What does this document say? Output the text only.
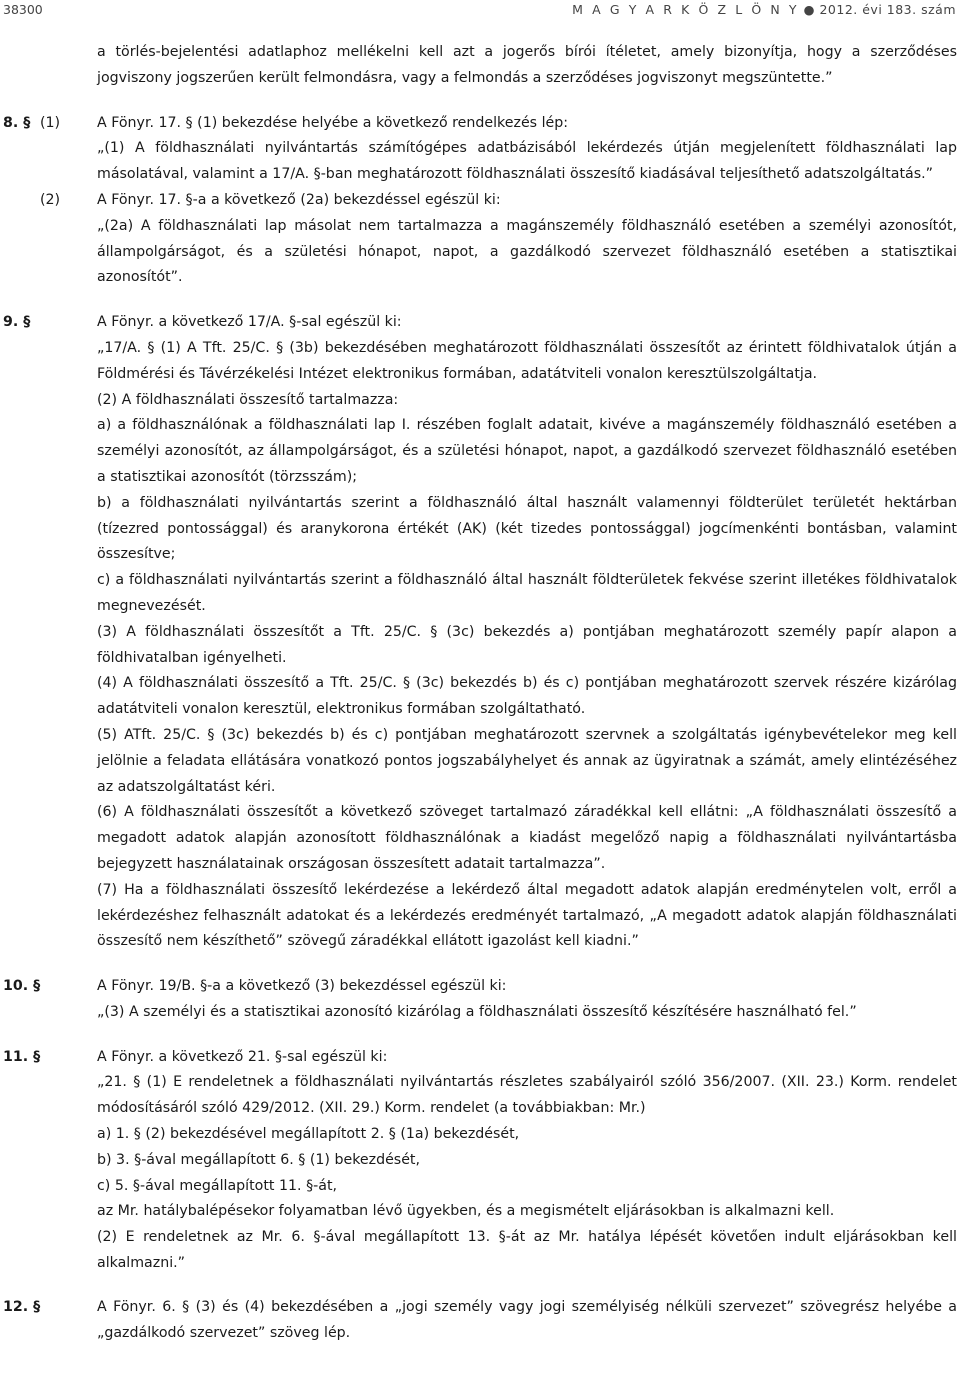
38300	M A G Y A R K Ö Z L Ö N Y ● 2012. évi 183. szám

a törlés-bejelentési adatlaphoz mellékelni kell azt a jogerős bírói ítéletet, amely bizonyítja, hogy a szerződéses jogviszony jogszerűen került felmondásra, vagy a felmondás a szerződéses jogviszonyt megszüntette.”

8. § (1)	A Fönyr. 17. § (1) bekezdése helyébe a következő rendelkezés lép:

„(1) A földhasználati nyilvántartás számítógépes adatbázisából lekérdezés útján megjelenített földhasználati lap másolatával, valamint a 17/A. §-ban meghatározott földhasználati összesítő kiadásával teljesíthető adatszolgáltatás.”

(2)	A Fönyr. 17. §-a a következő (2a) bekezdéssel egészül ki:

„(2a) A földhasználati lap másolat nem tartalmazza a magánszemély földhasználó esetében a személyi azonosítót, állampolgárságot, és a születési hónapot, napot, a gazdálkodó szervezet földhasználó esetében a statisztikai azonosítót”.

9. §	A Fönyr. a következő 17/A. §-sal egészül ki:

„17/A. § (1) A Tft. 25/C. § (3b) bekezdésében meghatározott földhasználati összesítőt az érintett földhivatalok útján a Földmérési és Távérzékelési Intézet elektronikus formában, adatátviteli vonalon keresztülszolgáltatja.

(2) A földhasználati összesítő tartalmazza:

a) a földhasználónak a földhasználati lap I. részében foglalt adatait, kivéve a magánszemély földhasználó esetében a személyi azonosítót, az állampolgárságot, és a születési hónapot, napot, a gazdálkodó szervezet földhasználó esetében a statisztikai azonosítót (törzsszám);

b) a földhasználati nyilvántartás szerint a földhasználó által használt valamennyi földterület területét hektárban (tízezred pontossággal) és aranykorona értékét (AK) (két tizedes pontossággal) jogcímenkénti bontásban, valamint összesítve;

c) a földhasználati nyilvántartás szerint a földhasználó által használt földterületek fekvése szerint illetékes földhivatalok megnevezését.

(3) A földhasználati összesítőt a Tft. 25/C. § (3c) bekezdés a) pontjában meghatározott személy papír alapon a földhivatalban igényelheti.

(4) A földhasználati összesítő a Tft. 25/C. § (3c) bekezdés b) és c) pontjában meghatározott szervek részére kizárólag adatátviteli vonalon keresztül, elektronikus formában szolgáltatható.

(5) ATft. 25/C. § (3c) bekezdés b) és c) pontjában meghatározott szervnek a szolgáltatás igénybevételekor meg kell jelölnie a feladata ellátására vonatkozó pontos jogszabályhelyet és annak az ügyiratnak a számát, amely elintézéséhez az adatszolgáltatást kéri.

(6) A földhasználati összesítőt a következő szöveget tartalmazó záradékkal kell ellátni: „A földhasználati összesítő a megadott adatok alapján azonosított földhasználónak a kiadást megelőző napig a földhasználati nyilvántartásba bejegyzett használatainak országosan összesített adatait tartalmazza”.

(7) Ha a földhasználati összesítő lekérdezése a lekérdező által megadott adatok alapján eredménytelen volt, erről a lekérdezéshez felhasznált adatokat és a lekérdezés eredményét tartalmazó, „A megadott adatok alapján földhasználati összesítő nem készíthető” szövegű záradékkal ellátott igazolást kell kiadni.”

10. §	A Fönyr. 19/B. §-a a következő (3) bekezdéssel egészül ki:

„(3) A személyi és a statisztikai azonosító kizárólag a földhasználati összesítő készítésére használható fel.”

11. §	A Fönyr. a következő 21. §-sal egészül ki:

„21. § (1) E rendeletnek a földhasználati nyilvántartás részletes szabályairól szóló 356/2007. (XII. 23.) Korm. rendelet módosításáról szóló 429/2012. (XII. 29.) Korm. rendelet (a továbbiakban: Mr.)

a) 1. § (2) bekezdésével megállapított 2. § (1a) bekezdését,

b) 3. §-ával megállapított 6. § (1) bekezdését,

c) 5. §-ával megállapított 11. §-át,

az Mr. hatálybalépésekor folyamatban lévő ügyekben, és a megismételt eljárásokban is alkalmazni kell.

(2) E rendeletnek az Mr. 6. §-ával megállapított 13. §-át az Mr. hatálya lépését követően indult eljárásokban kell alkalmazni.”

12. §	A Fönyr. 6. § (3) és (4) bekezdésében a „jogi személy vagy jogi személyiség nélküli szervezet” szövegrész helyébe a „gazdálkodó szervezet” szöveg lép.
